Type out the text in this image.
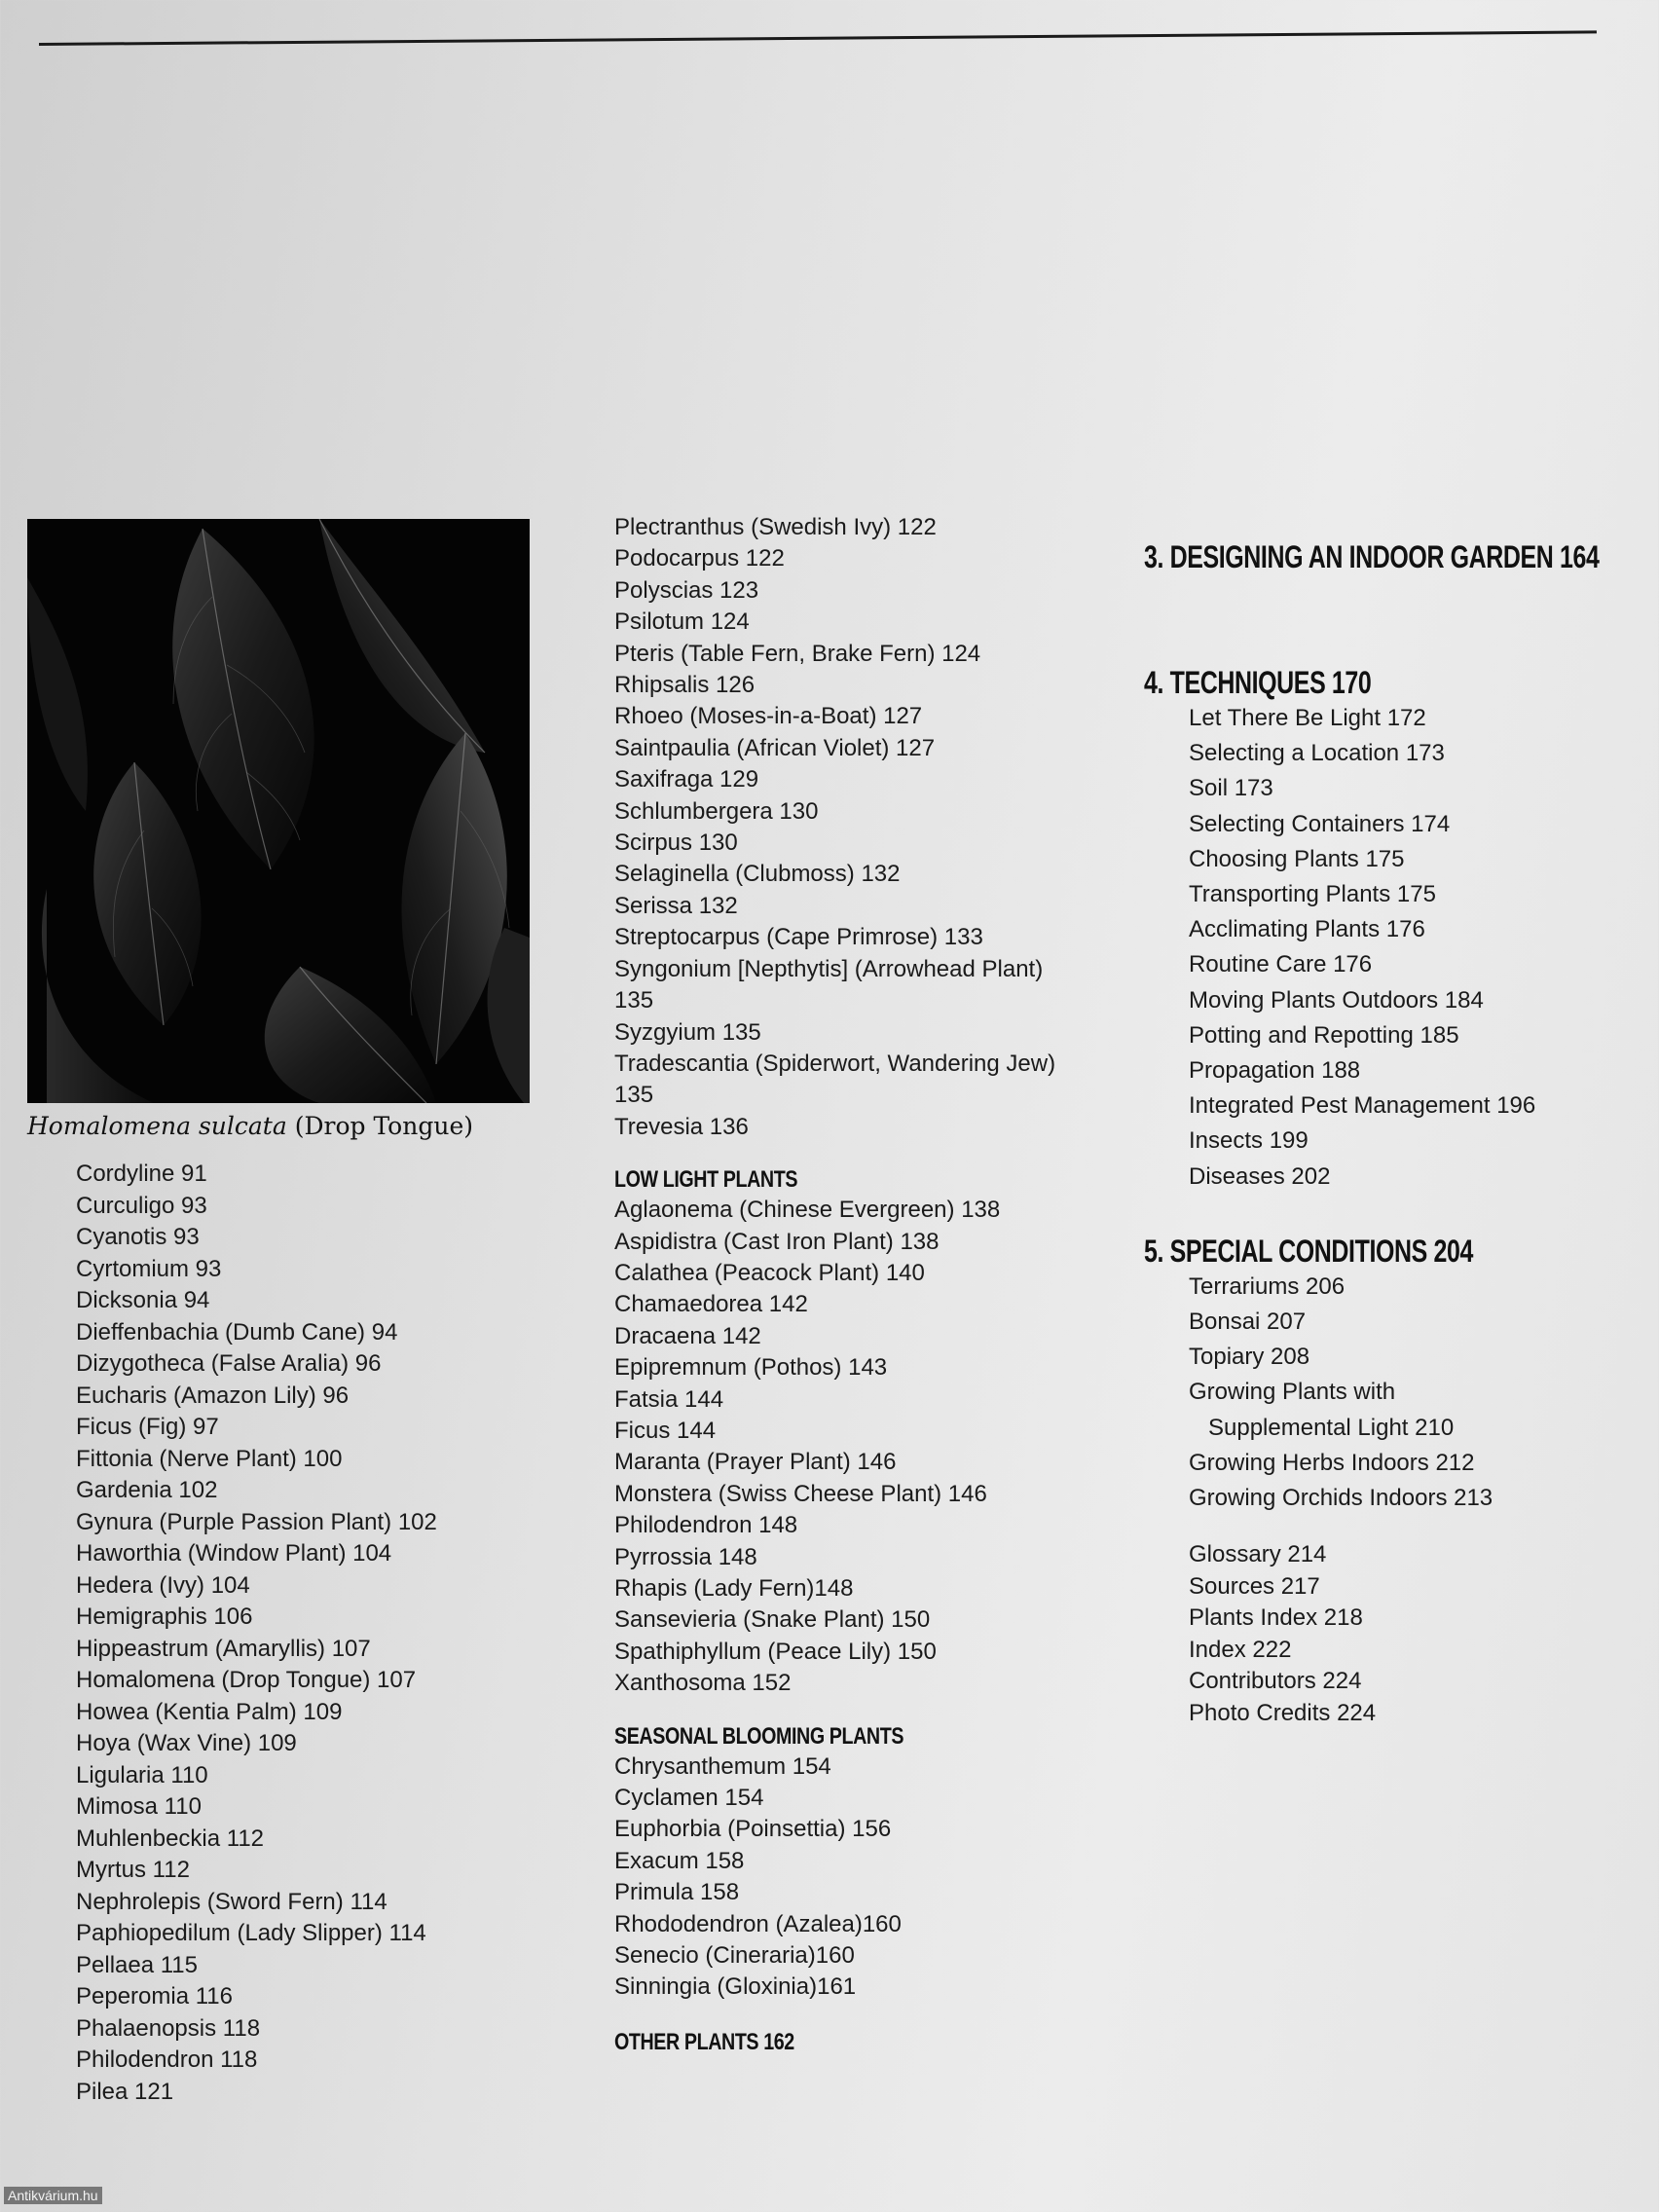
Homalomena sulcata (Drop Tongue)
Cordyline 91
Curculigo 93
Cyanotis 93
Cyrtomium 93
Dicksonia 94
Dieffenbachia (Dumb Cane) 94
Dizygotheca (False Aralia) 96
Eucharis (Amazon Lily) 96
Ficus (Fig) 97
Fittonia (Nerve Plant) 100
Gardenia 102
Gynura (Purple Passion Plant) 102
Haworthia (Window Plant) 104
Hedera (Ivy) 104
Hemigraphis 106
Hippeastrum (Amaryllis) 107
Homalomena (Drop Tongue) 107
Howea (Kentia Palm) 109
Hoya (Wax Vine) 109
Ligularia 110
Mimosa 110
Muhlenbeckia 112
Myrtus 112
Nephrolepis (Sword Fern) 114
Paphiopedilum (Lady Slipper) 114
Pellaea 115
Peperomia 116
Phalaenopsis 118
Philodendron 118
Pilea 121
Plectranthus (Swedish Ivy) 122
Podocarpus 122
Polyscias 123
Psilotum 124
Pteris (Table Fern, Brake Fern) 124
Rhipsalis 126
Rhoeo (Moses-in-a-Boat) 127
Saintpaulia (African Violet) 127
Saxifraga 129
Schlumbergera 130
Scirpus 130
Selaginella (Clubmoss) 132
Serissa 132
Streptocarpus (Cape Primrose) 133
Syngonium [Nepthytis] (Arrowhead Plant)
135
Syzgyium 135
Tradescantia (Spiderwort, Wandering Jew)
135
Trevesia 136
LOW LIGHT PLANTS
Aglaonema (Chinese Evergreen) 138
Aspidistra (Cast Iron Plant) 138
Calathea (Peacock Plant) 140
Chamaedorea 142
Dracaena 142
Epipremnum (Pothos) 143
Fatsia 144
Ficus 144
Maranta (Prayer Plant) 146
Monstera (Swiss Cheese Plant) 146
Philodendron 148
Pyrrossia 148
Rhapis (Lady Fern)148
Sansevieria (Snake Plant) 150
Spathiphyllum (Peace Lily) 150
Xanthosoma 152
SEASONAL BLOOMING PLANTS
Chrysanthemum 154
Cyclamen 154
Euphorbia (Poinsettia) 156
Exacum 158
Primula 158
Rhododendron (Azalea)160
Senecio (Cineraria)160
Sinningia (Gloxinia)161
OTHER PLANTS 162
3. DESIGNING AN INDOOR GARDEN 164
4. TECHNIQUES 170
Let There Be Light 172
Selecting a Location 173
Soil 173
Selecting Containers 174
Choosing Plants 175
Transporting Plants 175
Acclimating Plants 176
Routine Care 176
Moving Plants Outdoors 184
Potting and Repotting 185
Propagation 188
Integrated Pest Management 196
Insects 199
Diseases 202
5. SPECIAL CONDITIONS 204
Terrariums 206
Bonsai 207
Topiary 208
Growing Plants with
Supplemental Light 210
Growing Herbs Indoors 212
Growing Orchids Indoors 213
Glossary 214
Sources 217
Plants Index 218
Index 222
Contributors 224
Photo Credits 224
Antikvárium.hu
